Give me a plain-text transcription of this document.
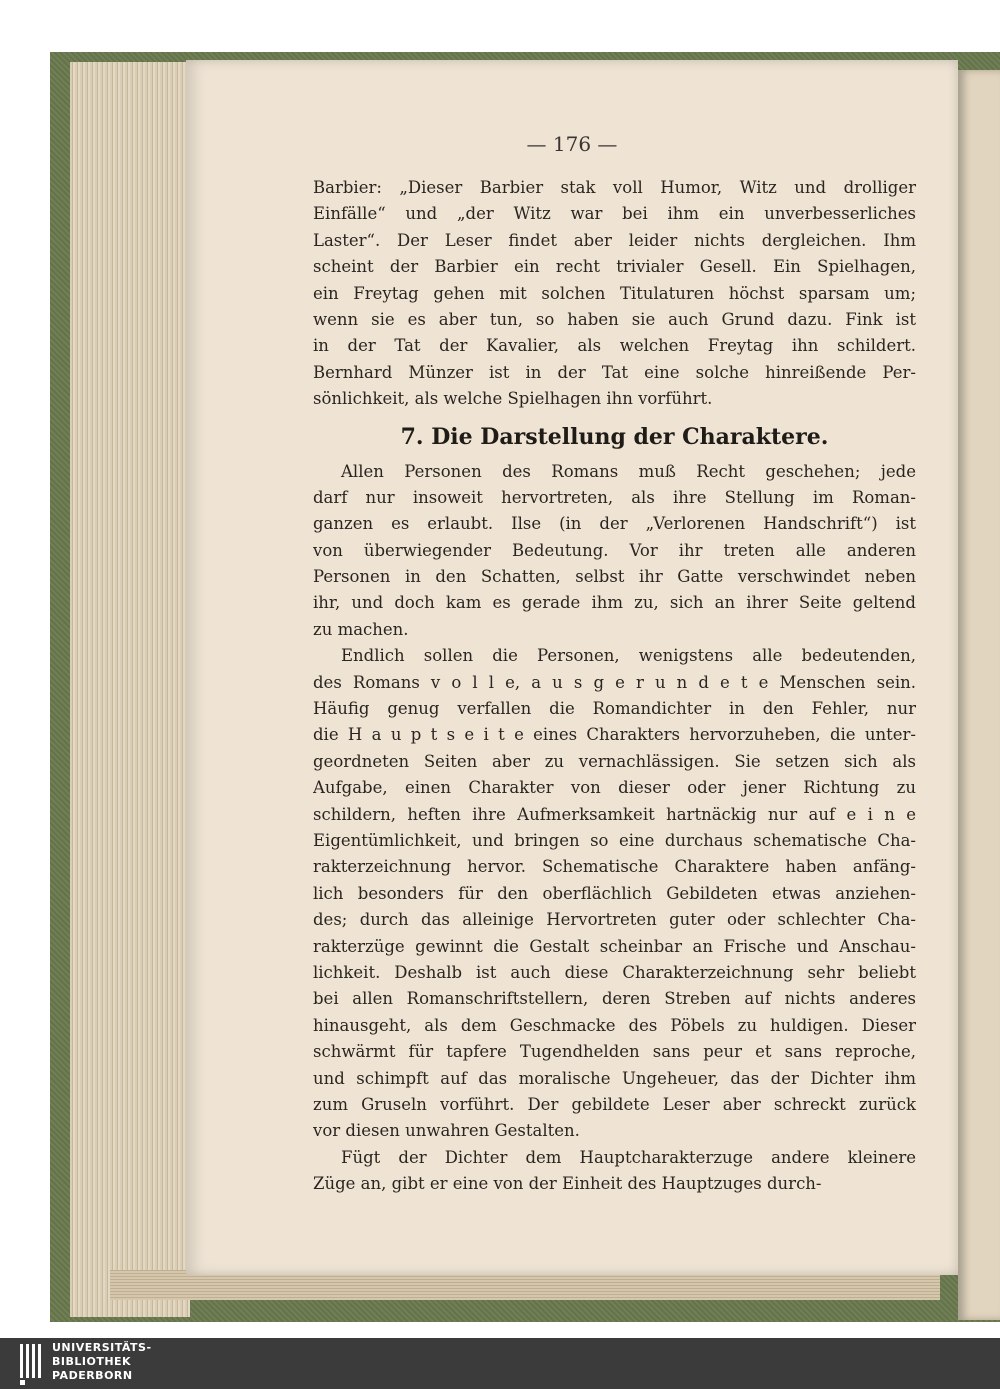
— 176 —
Barbier: „Dieser Barbier stak voll Humor, Witz und drolliger
Einfälle“ und „der Witz war bei ihm ein unverbesserliches
Laster“. Der Leser findet aber leider nichts dergleichen. Ihm
scheint der Barbier ein recht trivialer Gesell. Ein Spielhagen,
ein Freytag gehen mit solchen Titulaturen höchst sparsam um;
wenn sie es aber tun, so haben sie auch Grund dazu. Fink ist
in der Tat der Kavalier, als welchen Freytag ihn schildert.
Bernhard Münzer ist in der Tat eine solche hinreißende Per-
sönlichkeit, als welche Spielhagen ihn vorführt.
7. Die Darstellung der Charaktere.
Allen Personen des Romans muß Recht geschehen; jede
darf nur insoweit hervortreten, als ihre Stellung im Roman-
ganzen es erlaubt. Ilse (in der „Verlorenen Handschrift“) ist
von überwiegender Bedeutung. Vor ihr treten alle anderen
Personen in den Schatten, selbst ihr Gatte verschwindet neben
ihr, und doch kam es gerade ihm zu, sich an ihrer Seite geltend
zu machen.
Endlich sollen die Personen, wenigstens alle bedeutenden,
des Romans v o l l e, a u s g e r u n d e t e Menschen sein.
Häufig genug verfallen die Romandichter in den Fehler, nur
die H a u p t s e i t e eines Charakters hervorzuheben, die unter-
geordneten Seiten aber zu vernachlässigen. Sie setzen sich als
Aufgabe, einen Charakter von dieser oder jener Richtung zu
schildern, heften ihre Aufmerksamkeit hartnäckig nur auf e i n e
Eigentümlichkeit, und bringen so eine durchaus schematische Cha-
rakterzeichnung hervor. Schematische Charaktere haben anfäng-
lich besonders für den oberflächlich Gebildeten etwas anziehen-
des; durch das alleinige Hervortreten guter oder schlechter Cha-
rakterzüge gewinnt die Gestalt scheinbar an Frische und Anschau-
lichkeit. Deshalb ist auch diese Charakterzeichnung sehr beliebt
bei allen Romanschriftstellern, deren Streben auf nichts anderes
hinausgeht, als dem Geschmacke des Pöbels zu huldigen. Dieser
schwärmt für tapfere Tugendhelden sans peur et sans reproche,
und schimpft auf das moralische Ungeheuer, das der Dichter ihm
zum Gruseln vorführt. Der gebildete Leser aber schreckt zurück
vor diesen unwahren Gestalten.
Fügt der Dichter dem Hauptcharakterzuge andere kleinere
Züge an, gibt er eine von der Einheit des Hauptzuges durch-
UNIVERSITÄTS-
BIBLIOTHEK
PADERBORN
